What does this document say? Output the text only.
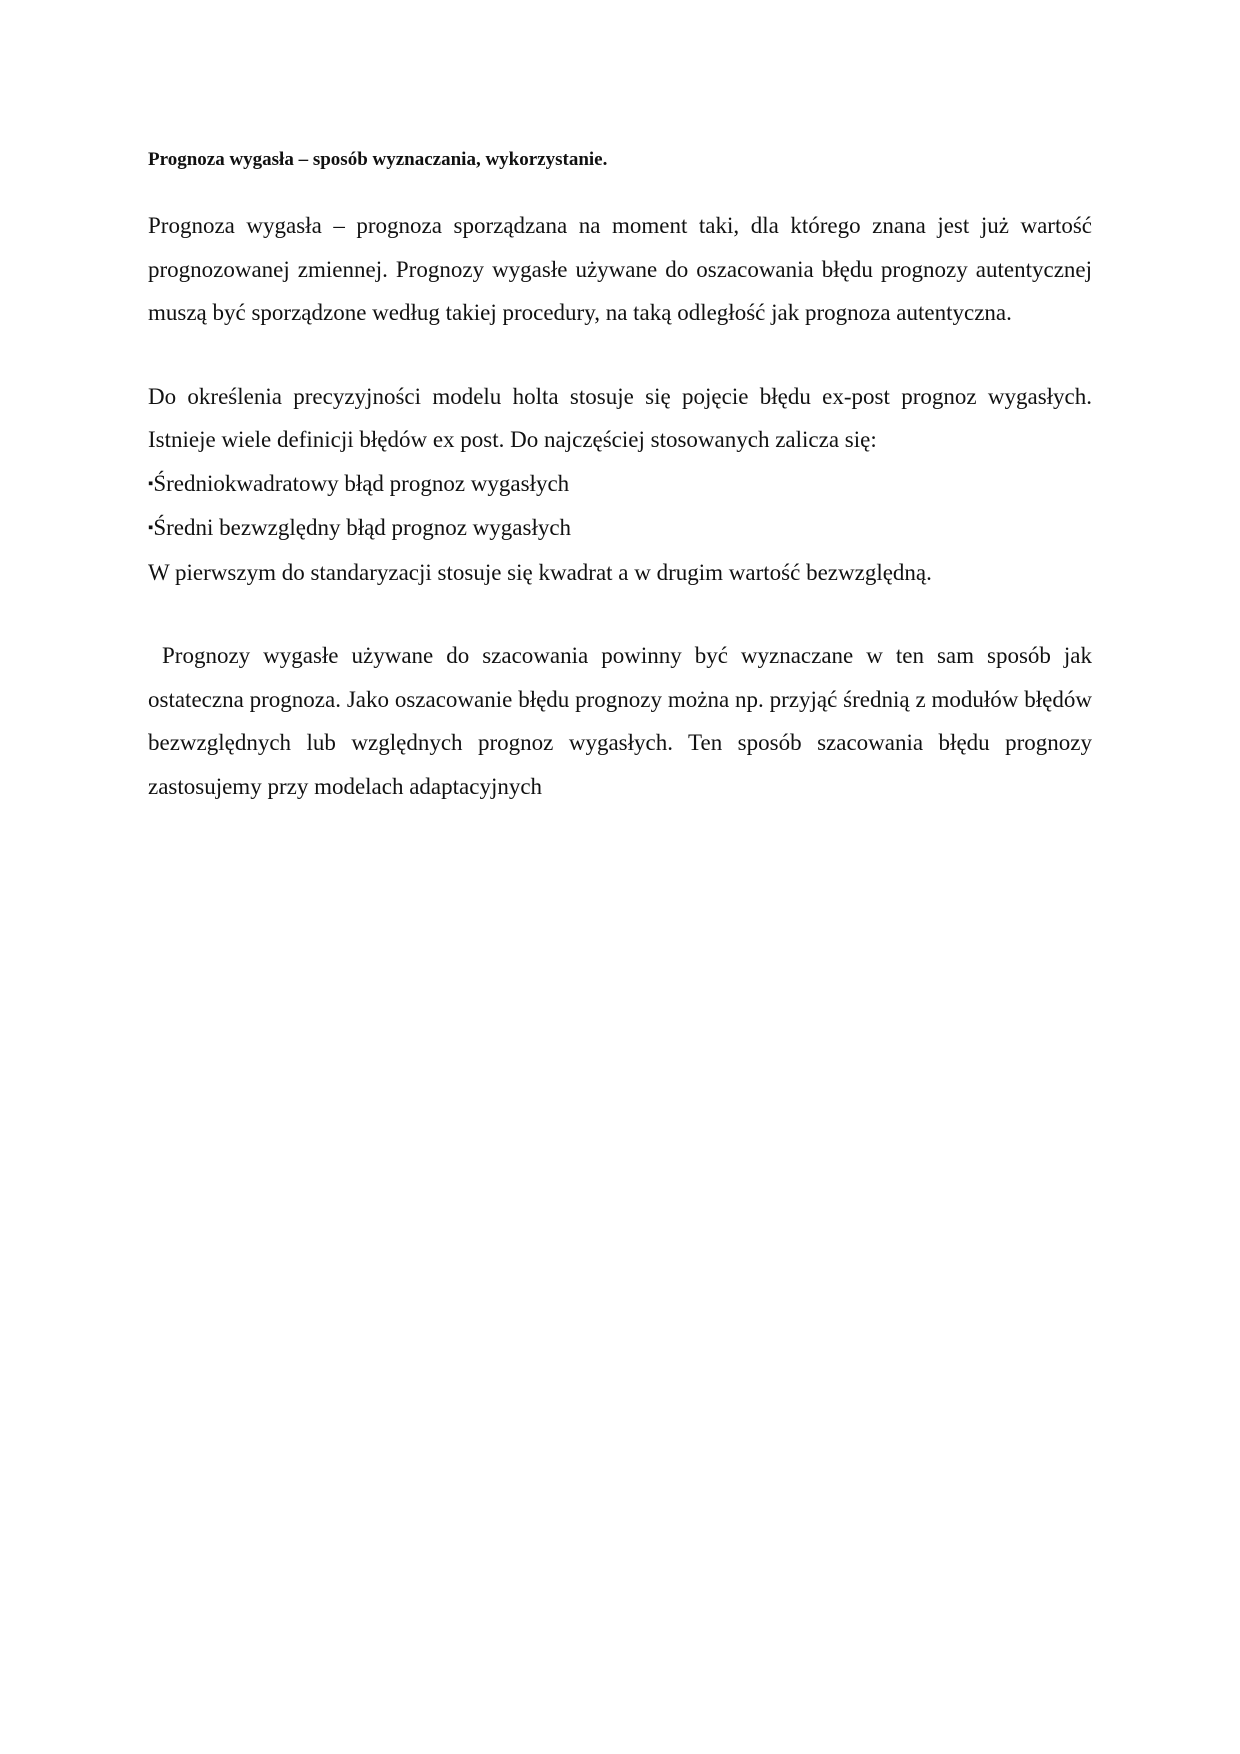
Prognoza wygasła – sposób wyznaczania, wykorzystanie.

Prognoza wygasła – prognoza sporządzana na moment taki, dla którego znana jest już wartość prognozowanej zmiennej. Prognozy wygasłe używane do oszacowania błędu prognozy autentycznej muszą być sporządzone według takiej procedury, na taką odległość jak prognoza autentyczna.

Do określenia precyzyjności modelu holta stosuje się pojęcie błędu ex-post prognoz wygasłych. Istnieje wiele definicji błędów ex post. Do najczęściej stosowanych zalicza się:

▪Średniokwadratowy błąd prognoz wygasłych
▪Średni bezwzględny błąd prognoz wygasłych

W pierwszym do standaryzacji stosuje się kwadrat a w drugim wartość bezwzględną.

Prognozy wygasłe używane do szacowania powinny być wyznaczane w ten sam sposób jak ostateczna prognoza. Jako oszacowanie błędu prognozy można np. przyjąć średnią z modułów błędów bezwzględnych lub względnych prognoz wygasłych. Ten sposób szacowania błędu prognozy zastosujemy przy modelach adaptacyjnych
